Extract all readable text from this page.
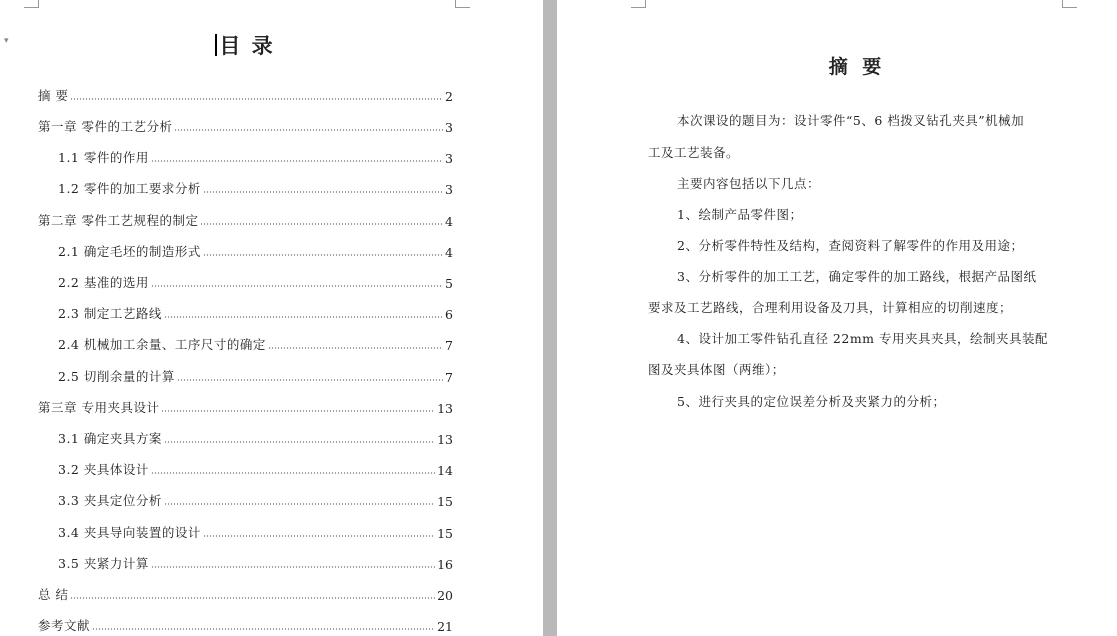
▾	目 录
摘 要	2
第一章 零件的工艺分析	3
1.1 零件的作用	3
1.2 零件的加工要求分析	3
第二章 零件工艺规程的制定	4
2.1 确定毛坯的制造形式	4
2.2 基准的选用	5
2.3 制定工艺路线	6
2.4 机械加工余量、工序尺寸的确定	7
2.5 切削余量的计算	7
第三章 专用夹具设计	13
3.1 确定夹具方案	13
3.2 夹具体设计	14
3.3 夹具定位分析	15
3.4 夹具导向装置的设计	15
3.5 夹紧力计算	16
总 结	20
参考文献	21
摘 要
本次课设的题目为：设计零件“5、6 档拨叉钻孔夹具”机械加
工及工艺装备。
主要内容包括以下几点：
1、绘制产品零件图；
2、分析零件特性及结构，查阅资料了解零件的作用及用途；
3、分析零件的加工工艺，确定零件的加工路线，根据产品图纸
要求及工艺路线，合理利用设备及刀具，计算相应的切削速度；
4、设计加工零件钻孔直径 22mm 专用夹具夹具，绘制夹具装配
图及夹具体图（两维）；
5、进行夹具的定位误差分析及夹紧力的分析；
